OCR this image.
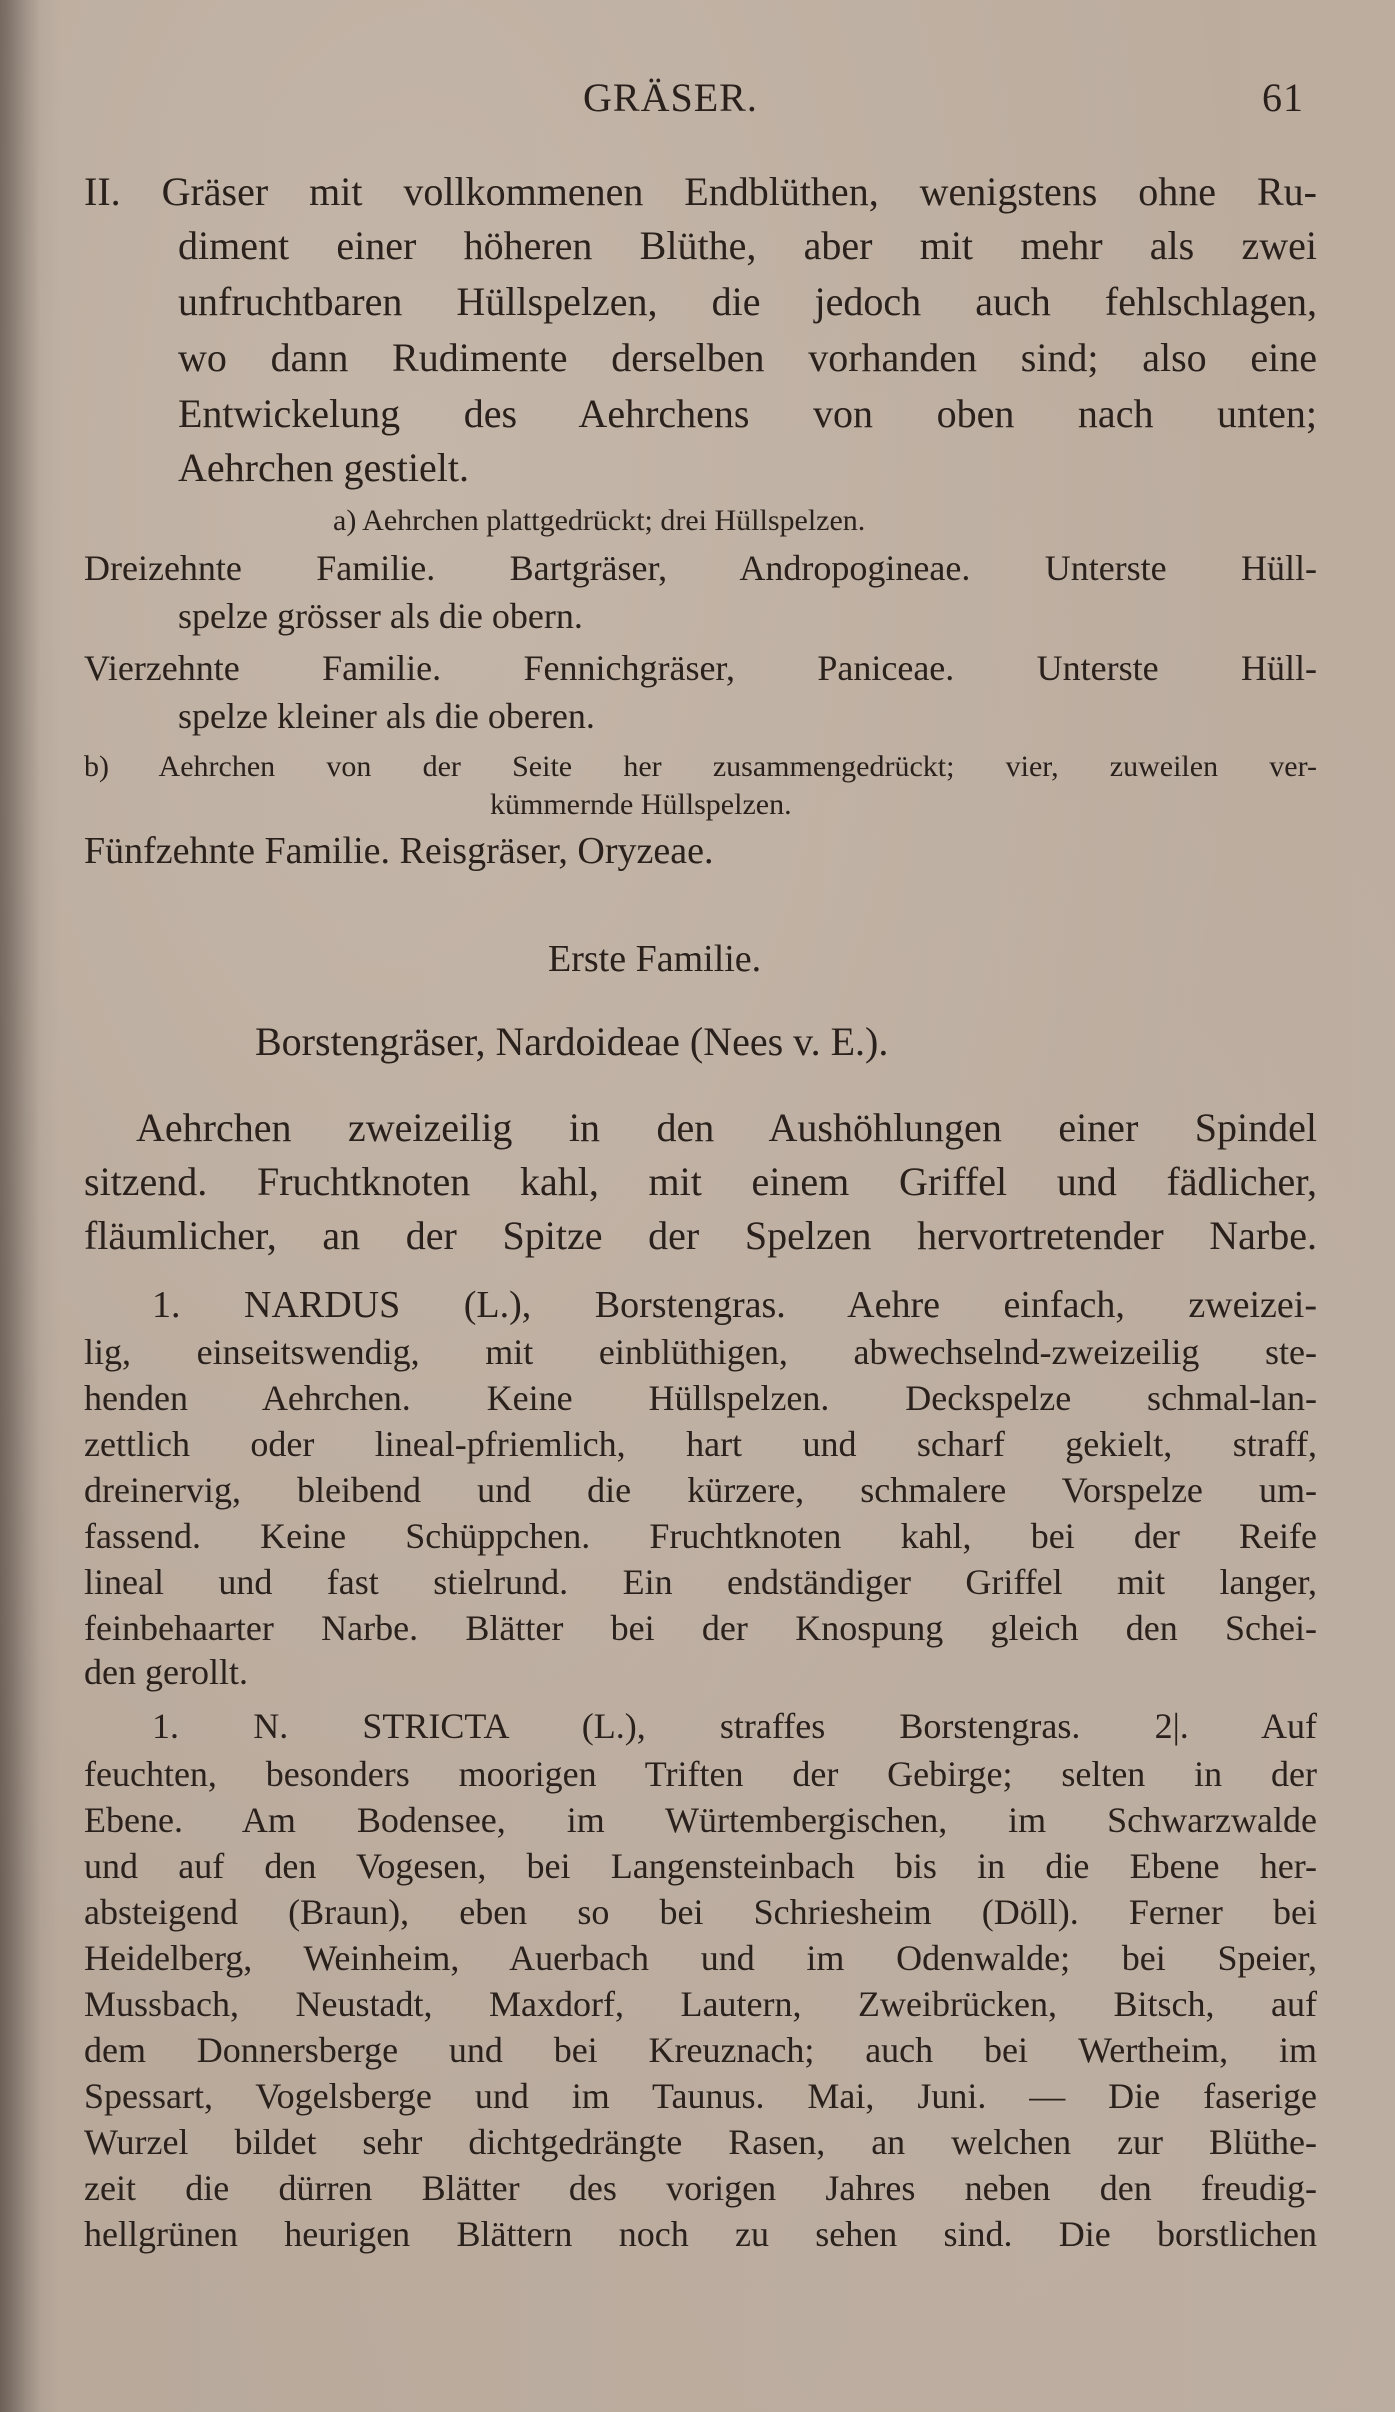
GRÄSER.	61
II. Gräser mit vollkommenen Endblüthen, wenigstens ohne Ru-
diment einer höheren Blüthe, aber mit mehr als zwei
unfruchtbaren Hüllspelzen, die jedoch auch fehlschlagen,
wo dann Rudimente derselben vorhanden sind; also eine
Entwickelung des Aehrchens von oben nach unten;
Aehrchen gestielt.
a) Aehrchen plattgedrückt; drei Hüllspelzen.
Dreizehnte Familie. Bartgräser, Andropogineae. Unterste Hüll-
spelze grösser als die obern.
Vierzehnte Familie. Fennichgräser, Paniceae. Unterste Hüll-
spelze kleiner als die oberen.
b) Aehrchen von der Seite her zusammengedrückt; vier, zuweilen ver-
kümmernde Hüllspelzen.
Fünfzehnte Familie. Reisgräser, Oryzeae.
Erste Familie.
Borstengräser, Nardoideae (Nees v. E.).
Aehrchen zweizeilig in den Aushöhlungen einer Spindel
sitzend. Fruchtknoten kahl, mit einem Griffel und fädlicher,
fläumlicher, an der Spitze der Spelzen hervortretender Narbe.
1. NARDUS (L.), Borstengras. Aehre einfach, zweizei-
lig, einseitswendig, mit einblüthigen, abwechselnd-zweizeilig ste-
henden Aehrchen. Keine Hüllspelzen. Deckspelze schmal-lan-
zettlich oder lineal-pfriemlich, hart und scharf gekielt, straff,
dreinervig, bleibend und die kürzere, schmalere Vorspelze um-
fassend. Keine Schüppchen. Fruchtknoten kahl, bei der Reife
lineal und fast stielrund. Ein endständiger Griffel mit langer,
feinbehaarter Narbe. Blätter bei der Knospung gleich den Schei-
den gerollt.
1. N. STRICTA (L.), straffes Borstengras. 2|. Auf
feuchten, besonders moorigen Triften der Gebirge; selten in der
Ebene. Am Bodensee, im Würtembergischen, im Schwarzwalde
und auf den Vogesen, bei Langensteinbach bis in die Ebene her-
absteigend (Braun), eben so bei Schriesheim (Döll). Ferner bei
Heidelberg, Weinheim, Auerbach und im Odenwalde; bei Speier,
Mussbach, Neustadt, Maxdorf, Lautern, Zweibrücken, Bitsch, auf
dem Donnersberge und bei Kreuznach; auch bei Wertheim, im
Spessart, Vogelsberge und im Taunus. Mai, Juni. — Die faserige
Wurzel bildet sehr dichtgedrängte Rasen, an welchen zur Blüthe-
zeit die dürren Blätter des vorigen Jahres neben den freudig-
hellgrünen heurigen Blättern noch zu sehen sind. Die borstlichen
